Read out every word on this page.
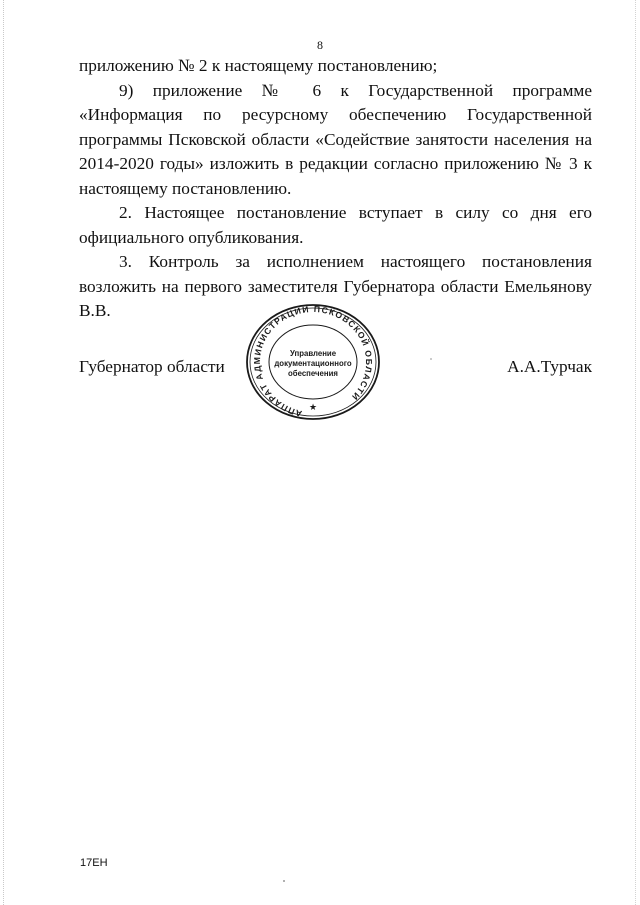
8

приложению № 2 к настоящему постановлению;

9) приложение № 6 к Государственной программе «Информация по ресурсному обеспечению Государственной программы Псковской области «Содействие занятости населения на 2014-2020 годы» изложить в редакции согласно приложению № 3 к настоящему постановлению.

2. Настоящее постановление вступает в силу со дня его официального опубликования.

3. Контроль за исполнением настоящего постановления возложить на первого заместителя Губернатора области Емельянову В.В.

АППАРАТ АДМИНИСТРАЦИИ ПСКОВСКОЙ ОБЛАСТИ
★
Управление
документационного
обеспечения
Губернатор области	А.А.Турчак
17ЕН
